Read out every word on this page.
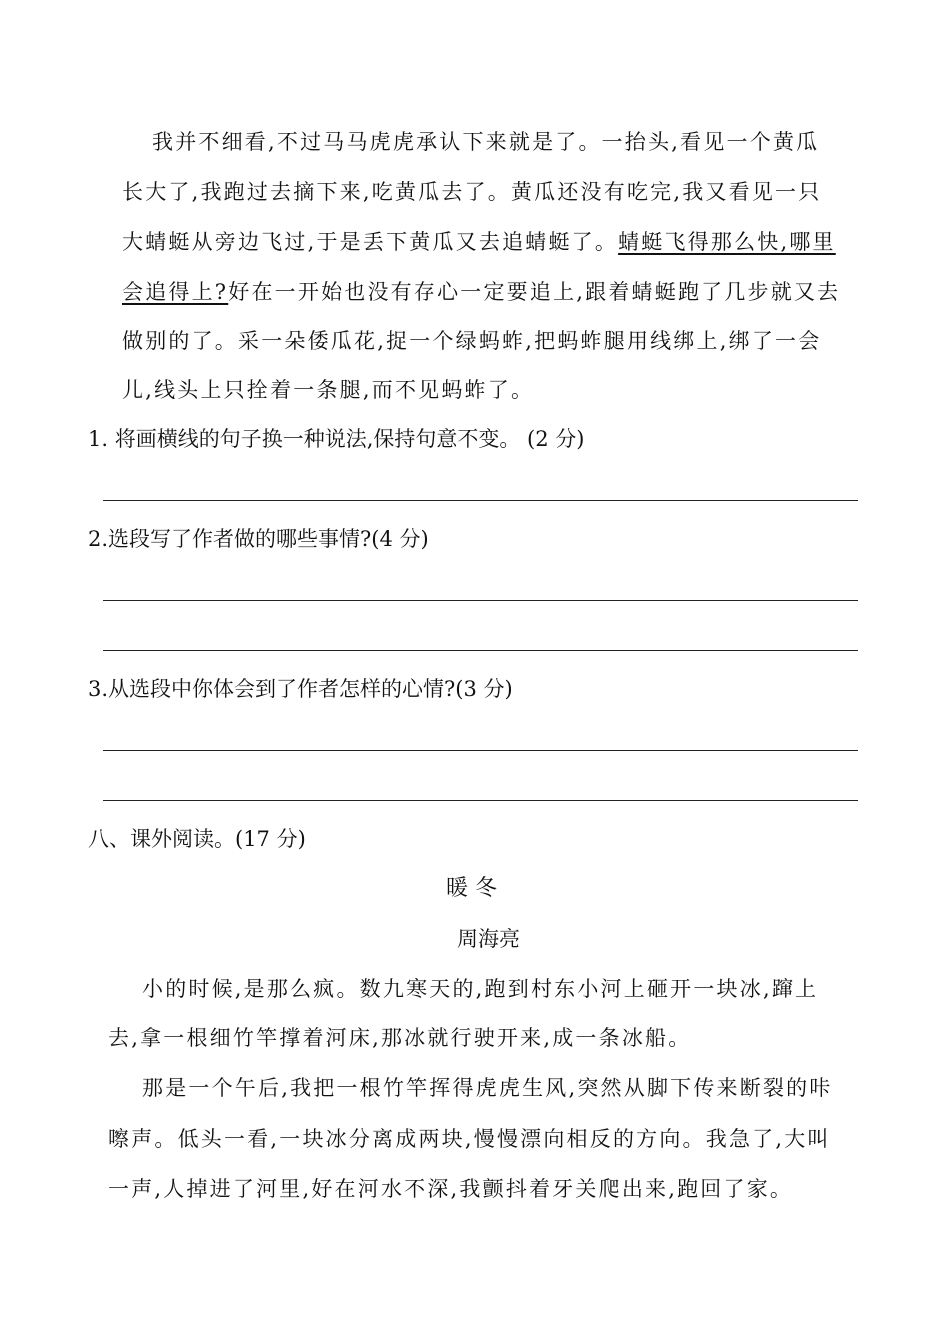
我并不细看,不过马马虎虎承认下来就是了。一抬头,看见一个黄瓜
长大了,我跑过去摘下来,吃黄瓜去了。黄瓜还没有吃完,我又看见一只
大蜻蜓从旁边飞过,于是丢下黄瓜又去追蜻蜓了。蜻蜓飞得那么快,哪里
会追得上?好在一开始也没有存心一定要追上,跟着蜻蜓跑了几步就又去
做别的了。采一朵倭瓜花,捉一个绿蚂蚱,把蚂蚱腿用线绑上,绑了一会
儿,线头上只拴着一条腿,而不见蚂蚱了。
1. 将画横线的句子换一种说法,保持句意不变。 (2 分)
2.选段写了作者做的哪些事情?(4 分)
3.从选段中你体会到了作者怎样的心情?(3 分)
八、课外阅读。(17 分)
暖 冬
周海亮
小的时候,是那么疯。数九寒天的,跑到村东小河上砸开一块冰,蹿上
去,拿一根细竹竿撑着河床,那冰就行驶开来,成一条冰船。
那是一个午后,我把一根竹竿挥得虎虎生风,突然从脚下传来断裂的咔
嚓声。低头一看,一块冰分离成两块,慢慢漂向相反的方向。我急了,大叫
一声,人掉进了河里,好在河水不深,我颤抖着牙关爬出来,跑回了家。
